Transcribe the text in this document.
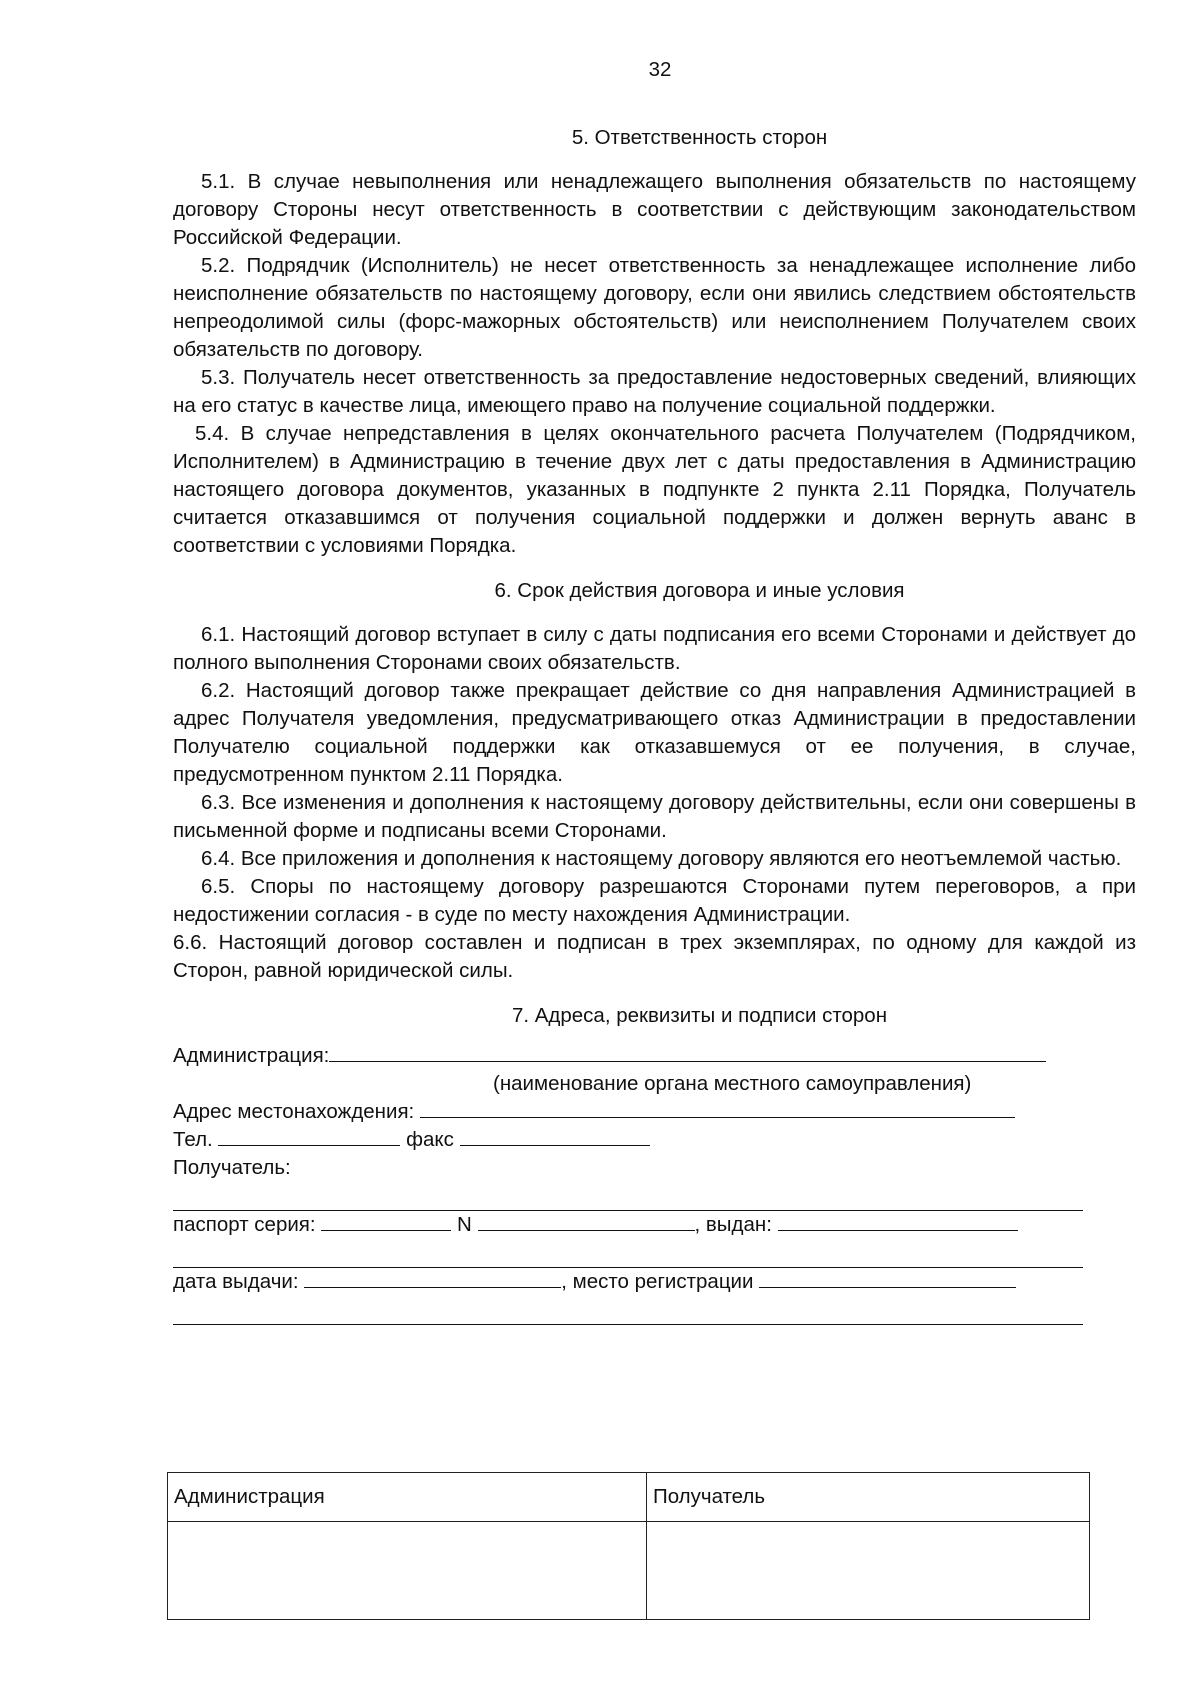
32

5. Ответственность сторон

5.1. В случае невыполнения или ненадлежащего выполнения обязательств по настоящему договору Стороны несут ответственность в соответствии с действующим законодательством Российской Федерации.

5.2. Подрядчик (Исполнитель) не несет ответственность за ненадлежащее исполнение либо неисполнение обязательств по настоящему договору, если они явились следствием обстоятельств непреодолимой силы (форс-мажорных обстоятельств) или неисполнением Получателем своих обязательств по договору.

5.3. Получатель несет ответственность за предоставление недостоверных сведений, влияющих на его статус в качестве лица, имеющего право на получение социальной поддержки.

5.4. В случае непредставления в целях окончательного расчета Получателем (Подрядчиком, Исполнителем) в Администрацию в течение двух лет с даты предоставления в Администрацию настоящего договора документов, указанных в подпункте 2 пункта 2.11 Порядка, Получатель считается отказавшимся от получения социальной поддержки и должен вернуть аванс в соответствии с условиями Порядка.

6. Срок действия договора и иные условия

6.1. Настоящий договор вступает в силу с даты подписания его всеми Сторонами и действует до полного выполнения Сторонами своих обязательств.

6.2. Настоящий договор также прекращает действие со дня направления Администрацией в адрес Получателя уведомления, предусматривающего отказ Администрации в предоставлении Получателю социальной поддержки как отказавшемуся от ее получения, в случае, предусмотренном пунктом 2.11 Порядка.

6.3. Все изменения и дополнения к настоящему договору действительны, если они совершены в письменной форме и подписаны всеми Сторонами.

6.4. Все приложения и дополнения к настоящему договору являются его неотъемлемой частью.

6.5. Споры по настоящему договору разрешаются Сторонами путем переговоров, а при недостижении согласия - в суде по месту нахождения Администрации.

6.6. Настоящий договор составлен и подписан в трех экземплярах, по одному для каждой из Сторон, равной юридической силы.

7. Адреса, реквизиты и подписи сторон

Администрация:
(наименование органа местного самоуправления)
Адрес местонахождения:
Тел.	факс
Получатель:
паспорт серия:	N	, выдан:
дата выдачи:	, место регистрации
Администрация	Получатель
